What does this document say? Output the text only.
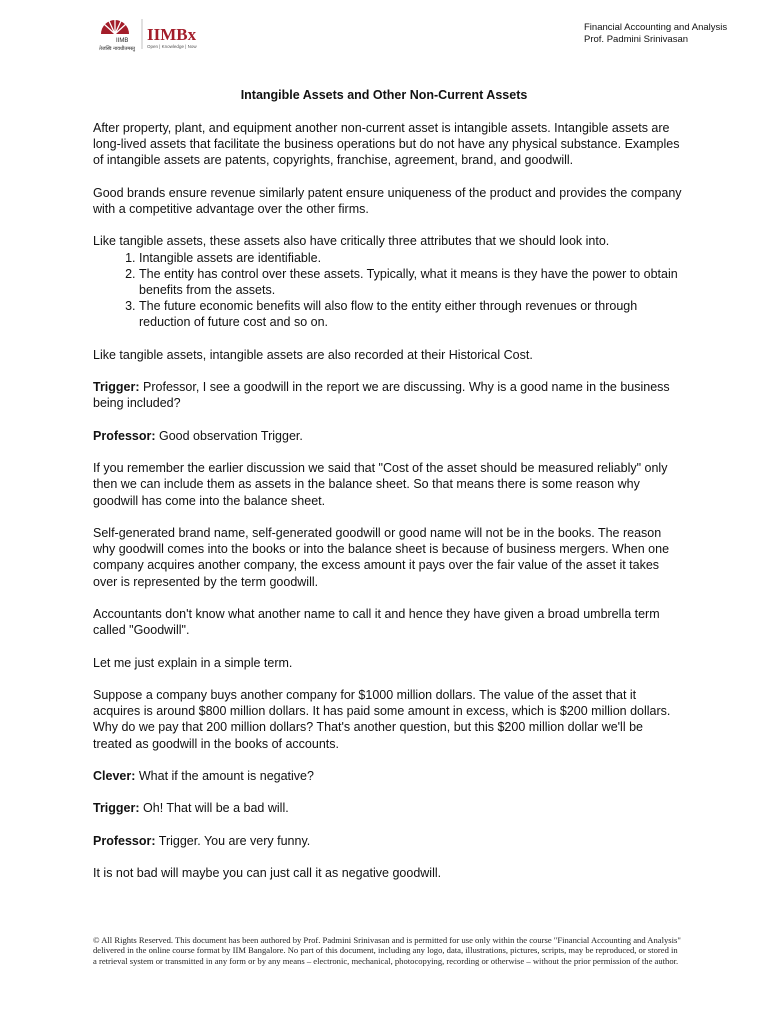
IIMB
तेजस्वि नावधीतमस्तु
IIMBx
Open | Knowledge | Now
Financial Accounting and Analysis
Prof. Padmini Srinivasan
Intangible Assets and Other Non-Current Assets

After property, plant, and equipment another non-current asset is intangible assets. Intangible assets are long-lived assets that facilitate the business operations but do not have any physical substance. Examples of intangible assets are patents, copyrights, franchise, agreement, brand, and goodwill.

Good brands ensure revenue similarly patent ensure uniqueness of the product and provides the company with a competitive advantage over the other firms.

Like tangible assets, these assets also have critically three attributes that we should look into.

1. Intangible assets are identifiable.
2. The entity has control over these assets. Typically, what it means is they have the power to obtain benefits from the assets.
3. The future economic benefits will also flow to the entity either through revenues or through reduction of future cost and so on.

Like tangible assets, intangible assets are also recorded at their Historical Cost.

Trigger: Professor, I see a goodwill in the report we are discussing. Why is a good name in the business being included?

Professor: Good observation Trigger.

If you remember the earlier discussion we said that "Cost of the asset should be measured reliably" only then we can include them as assets in the balance sheet. So that means there is some reason why goodwill has come into the balance sheet.

Self-generated brand name, self-generated goodwill or good name will not be in the books. The reason why goodwill comes into the books or into the balance sheet is because of business mergers. When one company acquires another company, the excess amount it pays over the fair value of the asset it takes over is represented by the term goodwill.

Accountants don't know what another name to call it and hence they have given a broad umbrella term called "Goodwill".

Let me just explain in a simple term.

Suppose a company buys another company for $1000 million dollars. The value of the asset that it acquires is around $800 million dollars. It has paid some amount in excess, which is $200 million dollars. Why do we pay that 200 million dollars? That's another question, but this $200 million dollar we'll be treated as goodwill in the books of accounts.

Clever: What if the amount is negative?

Trigger: Oh! That will be a bad will.

Professor: Trigger. You are very funny.

It is not bad will maybe you can just call it as negative goodwill.

© All Rights Reserved. This document has been authored by Prof. Padmini Srinivasan and is permitted for use only within the course "Financial Accounting and Analysis" delivered in the online course format by IIM Bangalore. No part of this document, including any logo, data, illustrations, pictures, scripts, may be reproduced, or stored in a retrieval system or transmitted in any form or by any means – electronic, mechanical, photocopying, recording or otherwise – without the prior permission of the author.
